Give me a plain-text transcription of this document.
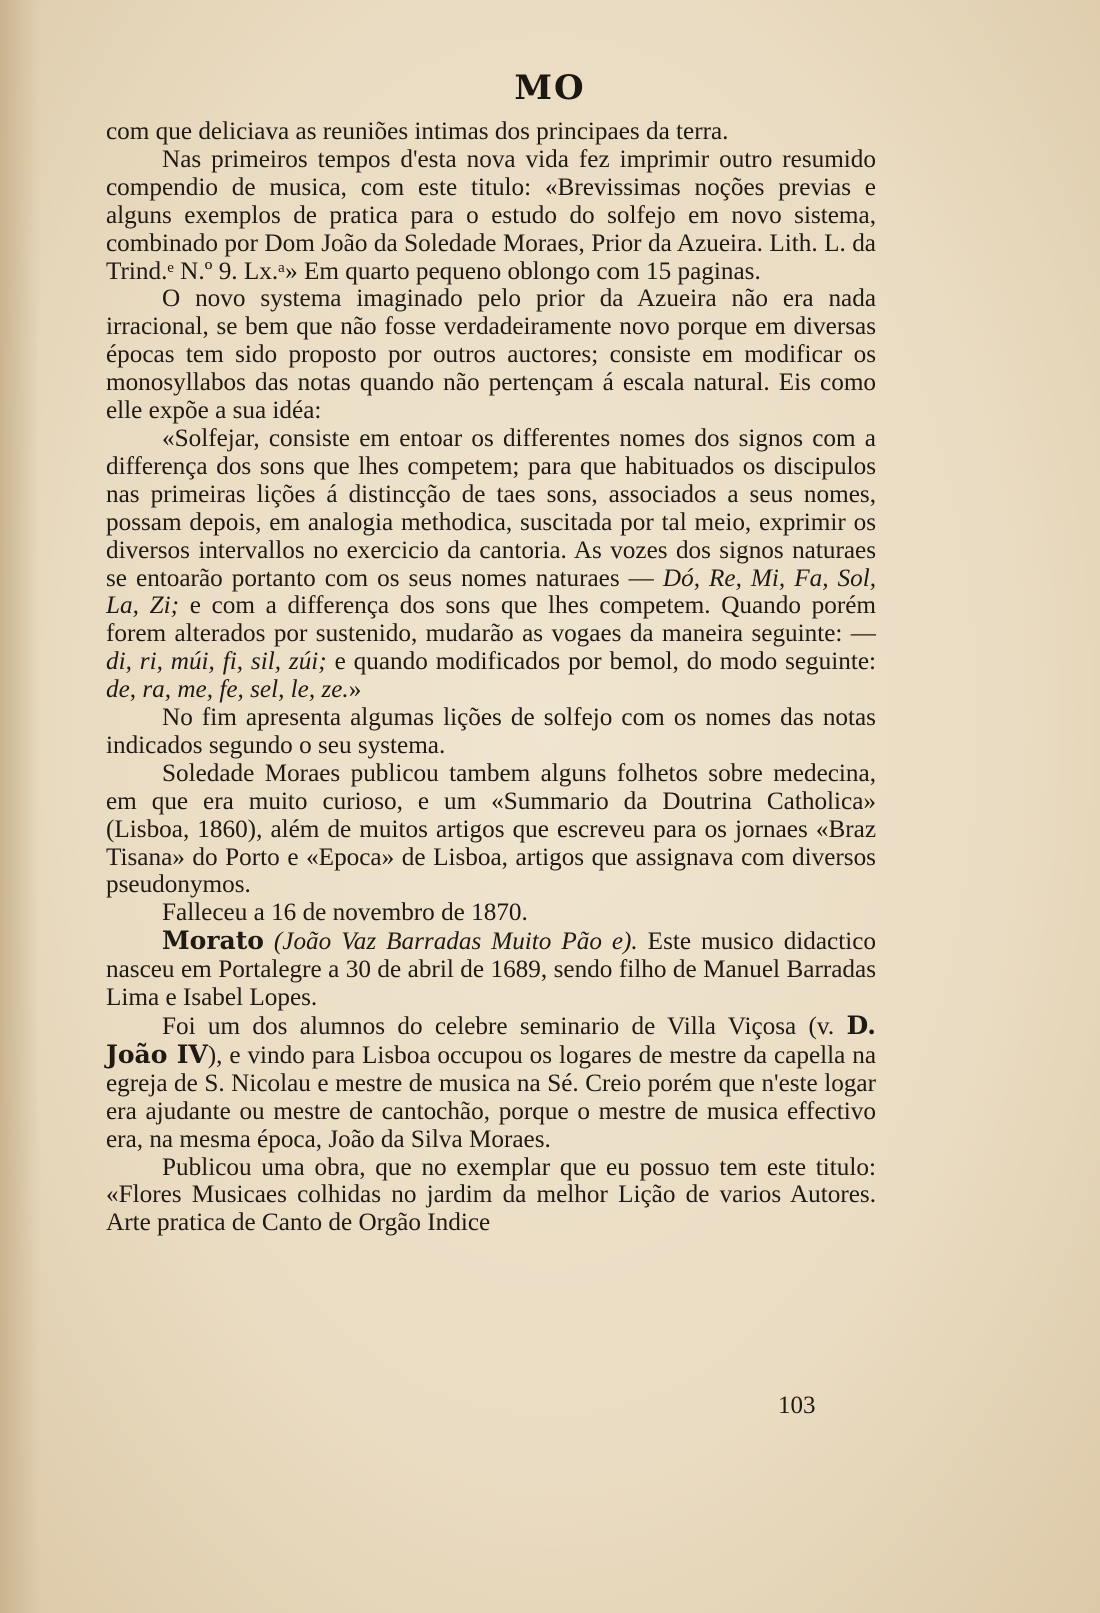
MO

com que deliciava as reuniões intimas dos principaes da terra.

Nas primeiros tempos d'esta nova vida fez imprimir outro resumido compendio de musica, com este titulo: «Brevissimas noções previas e alguns exemplos de pratica para o estudo do solfejo em novo sistema, combinado por Dom João da Soledade Moraes, Prior da Azueira. Lith. L. da Trind.ᵉ N.º 9. Lx.ᵃ» Em quarto pequeno oblongo com 15 paginas.

O novo systema imaginado pelo prior da Azueira não era nada irracional, se bem que não fosse verdadeiramente novo porque em diversas épocas tem sido proposto por outros auctores; consiste em modificar os monosyllabos das notas quando não pertençam á escala natural. Eis como elle expõe a sua idéa:

«Solfejar, consiste em entoar os differentes nomes dos signos com a differença dos sons que lhes competem; para que habituados os discipulos nas primeiras lições á distincção de taes sons, associados a seus nomes, possam depois, em analogia methodica, suscitada por tal meio, exprimir os diversos intervallos no exercicio da cantoria. As vozes dos signos naturaes se entoarão portanto com os seus nomes naturaes — Dó, Re, Mi, Fa, Sol, La, Zi; e com a differença dos sons que lhes competem. Quando porém forem alterados por sustenido, mudarão as vogaes da maneira seguinte: — di, ri, múi, fi, sil, zúi; e quando modificados por bemol, do modo seguinte: de, ra, me, fe, sel, le, ze.»

No fim apresenta algumas lições de solfejo com os nomes das notas indicados segundo o seu systema.

Soledade Moraes publicou tambem alguns folhetos sobre medecina, em que era muito curioso, e um «Summario da Doutrina Catholica» (Lisboa, 1860), além de muitos artigos que escreveu para os jornaes «Braz Tisana» do Porto e «Epoca» de Lisboa, artigos que assignava com diversos pseudonymos.

Falleceu a 16 de novembro de 1870.

Morato (João Vaz Barradas Muito Pão e). Este musico didactico nasceu em Portalegre a 30 de abril de 1689, sendo filho de Manuel Barradas Lima e Isabel Lopes.

Foi um dos alumnos do celebre seminario de Villa Viçosa (v. D. João IV), e vindo para Lisboa occupou os logares de mestre da capella na egreja de S. Nicolau e mestre de musica na Sé. Creio porém que n'este logar era ajudante ou mestre de cantochão, porque o mestre de musica effectivo era, na mesma época, João da Silva Moraes.

Publicou uma obra, que no exemplar que eu possuo tem este titulo: «Flores Musicaes colhidas no jardim da melhor Lição de varios Autores. Arte pratica de Canto de Orgão Indice

103
